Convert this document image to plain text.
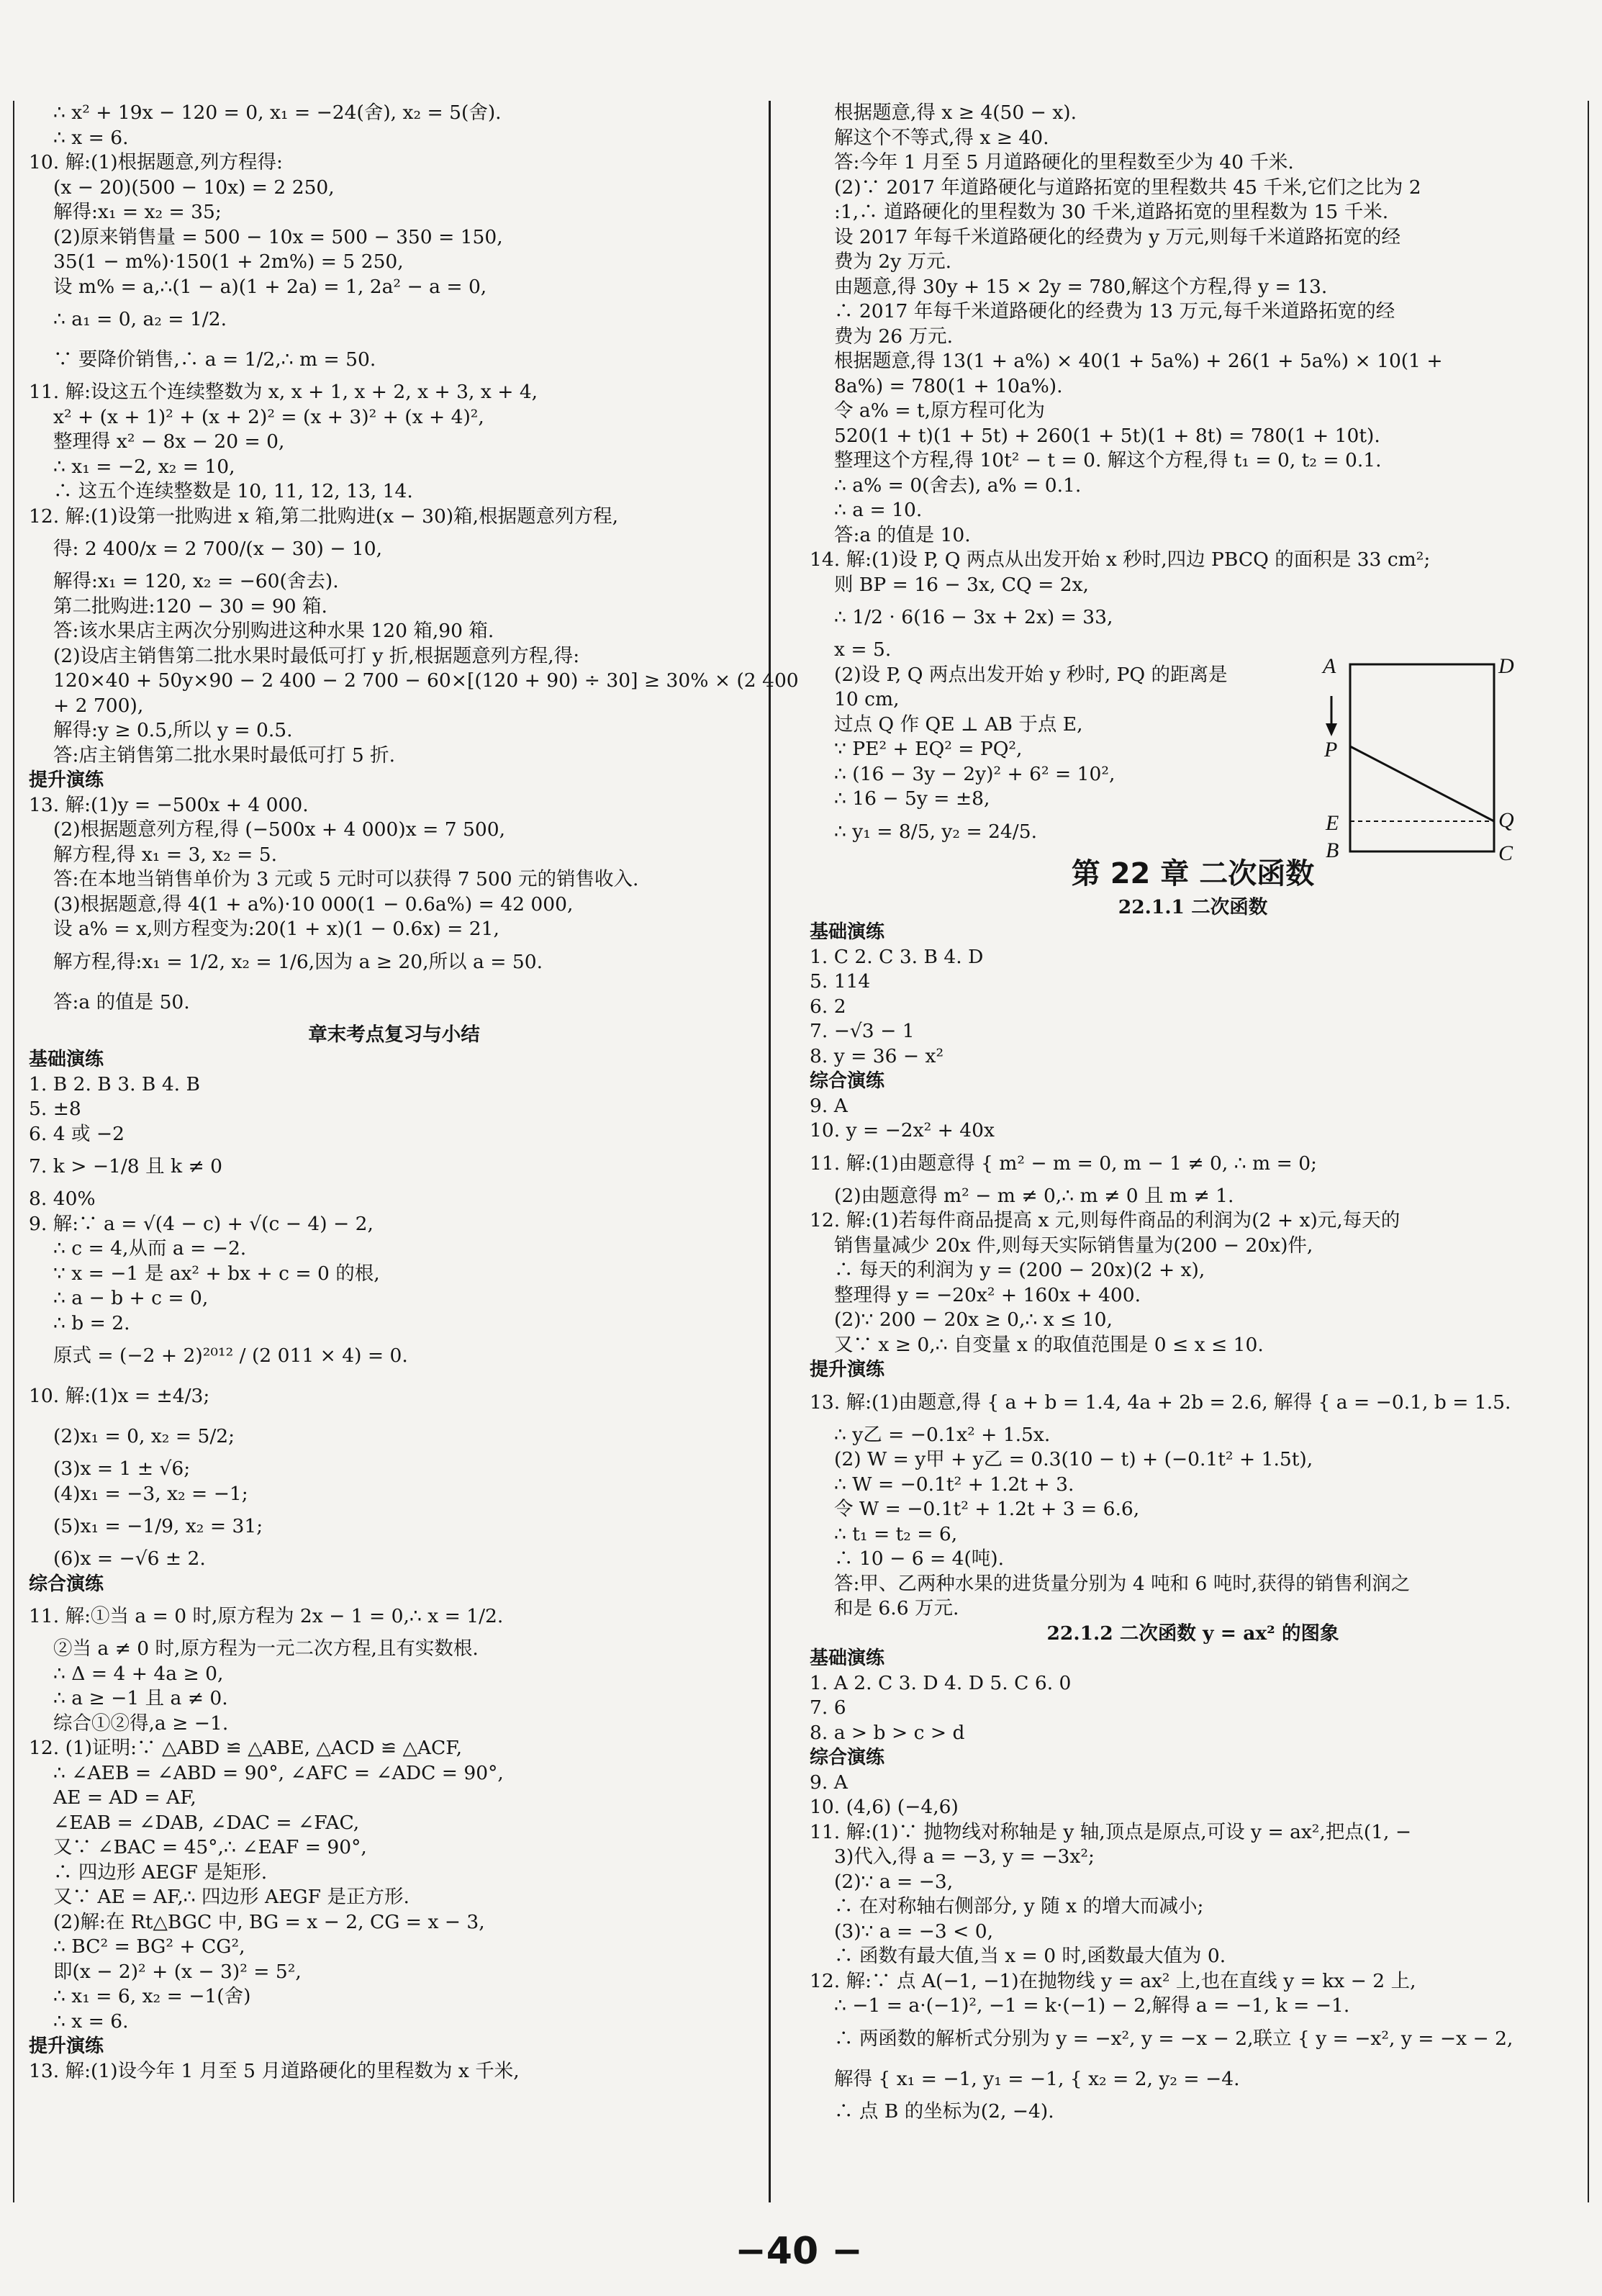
∴ x² + 19x − 120 = 0, x₁ = −24(舍), x₂ = 5(舍).
∴ x = 6.
10. 解:(1)根据题意,列方程得:
(x − 20)(500 − 10x) = 2 250,
解得:x₁ = x₂ = 35;
(2)原来销售量 = 500 − 10x = 500 − 350 = 150,
35(1 − m%)·150(1 + 2m%) = 5 250,
设 m% = a,∴(1 − a)(1 + 2a) = 1, 2a² − a = 0,
∴ a₁ = 0, a₂ = 1/2.
∵ 要降价销售,∴ a = 1/2,∴ m = 50.
11. 解:设这五个连续整数为 x, x + 1, x + 2, x + 3, x + 4,
x² + (x + 1)² + (x + 2)² = (x + 3)² + (x + 4)²,
整理得 x² − 8x − 20 = 0,
∴ x₁ = −2, x₂ = 10,
∴ 这五个连续整数是 10, 11, 12, 13, 14.
12. 解:(1)设第一批购进 x 箱,第二批购进(x − 30)箱,根据题意列方程,
得: 2 400/x = 2 700/(x − 30) − 10,
解得:x₁ = 120, x₂ = −60(舍去).
第二批购进:120 − 30 = 90 箱.
答:该水果店主两次分别购进这种水果 120 箱,90 箱.
(2)设店主销售第二批水果时最低可打 y 折,根据题意列方程,得:
120×40 + 50y×90 − 2 400 − 2 700 − 60×[(120 + 90) ÷ 30] ≥ 30% × (2 400
+ 2 700),
解得:y ≥ 0.5,所以 y = 0.5.
答:店主销售第二批水果时最低可打 5 折.
提升演练
13. 解:(1)y = −500x + 4 000.
(2)根据题意列方程,得 (−500x + 4 000)x = 7 500,
解方程,得 x₁ = 3, x₂ = 5.
答:在本地当销售单价为 3 元或 5 元时可以获得 7 500 元的销售收入.
(3)根据题意,得 4(1 + a%)·10 000(1 − 0.6a%) = 42 000,
设 a% = x,则方程变为:20(1 + x)(1 − 0.6x) = 21,
解方程,得:x₁ = 1/2, x₂ = 1/6,因为 a ≥ 20,所以 a = 50.
答:a 的值是 50.
章末考点复习与小结
基础演练
1. B 2. B 3. B 4. B
5. ±8
6. 4 或 −2
7. k > −1/8 且 k ≠ 0
8. 40%
9. 解:∵ a = √(4 − c) + √(c − 4) − 2,
∴ c = 4,从而 a = −2.
∵ x = −1 是 ax² + bx + c = 0 的根,
∴ a − b + c = 0,
∴ b = 2.
原式 = (−2 + 2)²⁰¹² / (2 011 × 4) = 0.
10. 解:(1)x = ±4/3;
(2)x₁ = 0, x₂ = 5/2;
(3)x = 1 ± √6;
(4)x₁ = −3, x₂ = −1;
(5)x₁ = −1/9, x₂ = 31;
(6)x = −√6 ± 2.
综合演练
11. 解:①当 a = 0 时,原方程为 2x − 1 = 0,∴ x = 1/2.
②当 a ≠ 0 时,原方程为一元二次方程,且有实数根.
∴ Δ = 4 + 4a ≥ 0,
∴ a ≥ −1 且 a ≠ 0.
综合①②得,a ≥ −1.
12. (1)证明:∵ △ABD ≌ △ABE, △ACD ≌ △ACF,
∴ ∠AEB = ∠ABD = 90°, ∠AFC = ∠ADC = 90°,
AE = AD = AF,
∠EAB = ∠DAB, ∠DAC = ∠FAC,
又∵ ∠BAC = 45°,∴ ∠EAF = 90°,
∴ 四边形 AEGF 是矩形.
又∵ AE = AF,∴ 四边形 AEGF 是正方形.
(2)解:在 Rt△BGC 中, BG = x − 2, CG = x − 3,
∴ BC² = BG² + CG²,
即(x − 2)² + (x − 3)² = 5²,
∴ x₁ = 6, x₂ = −1(舍)
∴ x = 6.
提升演练
13. 解:(1)设今年 1 月至 5 月道路硬化的里程数为 x 千米,
根据题意,得 x ≥ 4(50 − x).
解这个不等式,得 x ≥ 40.
答:今年 1 月至 5 月道路硬化的里程数至少为 40 千米.
(2)∵ 2017 年道路硬化与道路拓宽的里程数共 45 千米,它们之比为 2
:1,∴ 道路硬化的里程数为 30 千米,道路拓宽的里程数为 15 千米.
设 2017 年每千米道路硬化的经费为 y 万元,则每千米道路拓宽的经
费为 2y 万元.
由题意,得 30y + 15 × 2y = 780,解这个方程,得 y = 13.
∴ 2017 年每千米道路硬化的经费为 13 万元,每千米道路拓宽的经
费为 26 万元.
根据题意,得 13(1 + a%) × 40(1 + 5a%) + 26(1 + 5a%) × 10(1 +
8a%) = 780(1 + 10a%).
令 a% = t,原方程可化为
520(1 + t)(1 + 5t) + 260(1 + 5t)(1 + 8t) = 780(1 + 10t).
整理这个方程,得 10t² − t = 0. 解这个方程,得 t₁ = 0, t₂ = 0.1.
∴ a% = 0(舍去), a% = 0.1.
∴ a = 10.
答:a 的值是 10.
14. 解:(1)设 P, Q 两点从出发开始 x 秒时,四边 PBCQ 的面积是 33 cm²;
则 BP = 16 − 3x, CQ = 2x,
∴ 1/2 · 6(16 − 3x + 2x) = 33,
x = 5.
(2)设 P, Q 两点出发开始 y 秒时, PQ 的距离是
10 cm,
过点 Q 作 QE ⊥ AB 于点 E,
∵ PE² + EQ² = PQ²,
∴ (16 − 3y − 2y)² + 6² = 10²,
∴ 16 − 5y = ±8,
∴ y₁ = 8/5, y₂ = 24/5.
第 22 章 二次函数
22.1.1 二次函数
基础演练
1. C 2. C 3. B 4. D
5. 114
6. 2
7. −√3 − 1
8. y = 36 − x²
综合演练
9. A
10. y = −2x² + 40x
11. 解:(1)由题意得 { m² − m = 0, m − 1 ≠ 0, ∴ m = 0;
(2)由题意得 m² − m ≠ 0,∴ m ≠ 0 且 m ≠ 1.
12. 解:(1)若每件商品提高 x 元,则每件商品的利润为(2 + x)元,每天的
销售量减少 20x 件,则每天实际销售量为(200 − 20x)件,
∴ 每天的利润为 y = (200 − 20x)(2 + x),
整理得 y = −20x² + 160x + 400.
(2)∵ 200 − 20x ≥ 0,∴ x ≤ 10,
又∵ x ≥ 0,∴ 自变量 x 的取值范围是 0 ≤ x ≤ 10.
提升演练
13. 解:(1)由题意,得 { a + b = 1.4, 4a + 2b = 2.6, 解得 { a = −0.1, b = 1.5.
∴ y乙 = −0.1x² + 1.5x.
(2) W = y甲 + y乙 = 0.3(10 − t) + (−0.1t² + 1.5t),
∴ W = −0.1t² + 1.2t + 3.
令 W = −0.1t² + 1.2t + 3 = 6.6,
∴ t₁ = t₂ = 6,
∴ 10 − 6 = 4(吨).
答:甲、乙两种水果的进货量分别为 4 吨和 6 吨时,获得的销售利润之
和是 6.6 万元.
22.1.2 二次函数 y = ax² 的图象
基础演练
1. A 2. C 3. D 4. D 5. C 6. 0
7. 6
8. a > b > c > d
综合演练
9. A
10. (4,6) (−4,6)
11. 解:(1)∵ 抛物线对称轴是 y 轴,顶点是原点,可设 y = ax²,把点(1, −
3)代入,得 a = −3, y = −3x²;
(2)∵ a = −3,
∴ 在对称轴右侧部分, y 随 x 的增大而减小;
(3)∵ a = −3 < 0,
∴ 函数有最大值,当 x = 0 时,函数最大值为 0.
12. 解:∵ 点 A(−1, −1)在抛物线 y = ax² 上,也在直线 y = kx − 2 上,
∴ −1 = a·(−1)², −1 = k·(−1) − 2,解得 a = −1, k = −1.
∴ 两函数的解析式分别为 y = −x², y = −x − 2,联立 { y = −x², y = −x − 2,
解得 { x₁ = −1, y₁ = −1, { x₂ = 2, y₂ = −4.
∴ 点 B 的坐标为(2, −4).
A	D
P
Q
E
B	C
−40 −
